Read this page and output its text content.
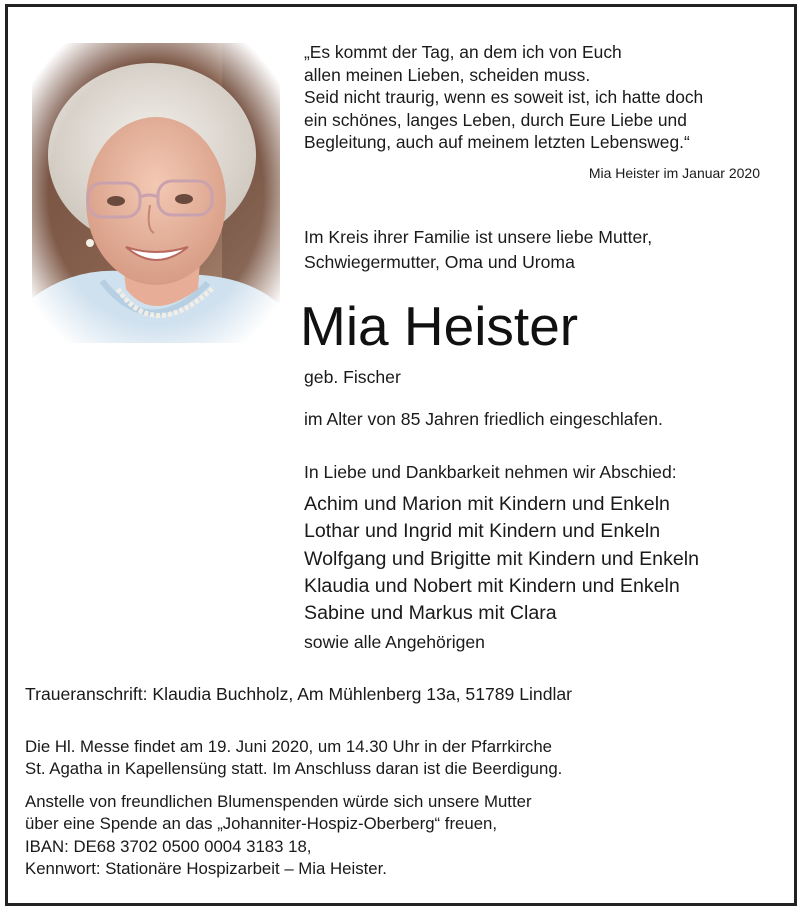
„Es kommt der Tag, an dem ich von Euch
allen meinen Lieben, scheiden muss.
Seid nicht traurig, wenn es soweit ist, ich hatte doch
ein schönes, langes Leben, durch Eure Liebe und
Begleitung, auch auf meinem letzten Lebensweg.“
Mia Heister im Januar 2020
Im Kreis ihrer Familie ist unsere liebe Mutter,
Schwiegermutter, Oma und Uroma
Mia Heister
geb. Fischer
im Alter von 85 Jahren friedlich eingeschlafen.
In Liebe und Dankbarkeit nehmen wir Abschied:
Achim und Marion mit Kindern und Enkeln
Lothar und Ingrid mit Kindern und Enkeln
Wolfgang und Brigitte mit Kindern und Enkeln
Klaudia und Nobert mit Kindern und Enkeln
Sabine und Markus mit Clara
sowie alle Angehörigen
Traueranschrift: Klaudia Buchholz, Am Mühlenberg 13a, 51789 Lindlar
Die Hl. Messe findet am 19. Juni 2020, um 14.30 Uhr in der Pfarrkirche
St. Agatha in Kapellensüng statt. Im Anschluss daran ist die Beerdigung.
Anstelle von freundlichen Blumenspenden würde sich unsere Mutter
über eine Spende an das „Johanniter-Hospiz-Oberberg“ freuen,
IBAN: DE68 3702 0500 0004 3183 18,
Kennwort: Stationäre Hospizarbeit – Mia Heister.
